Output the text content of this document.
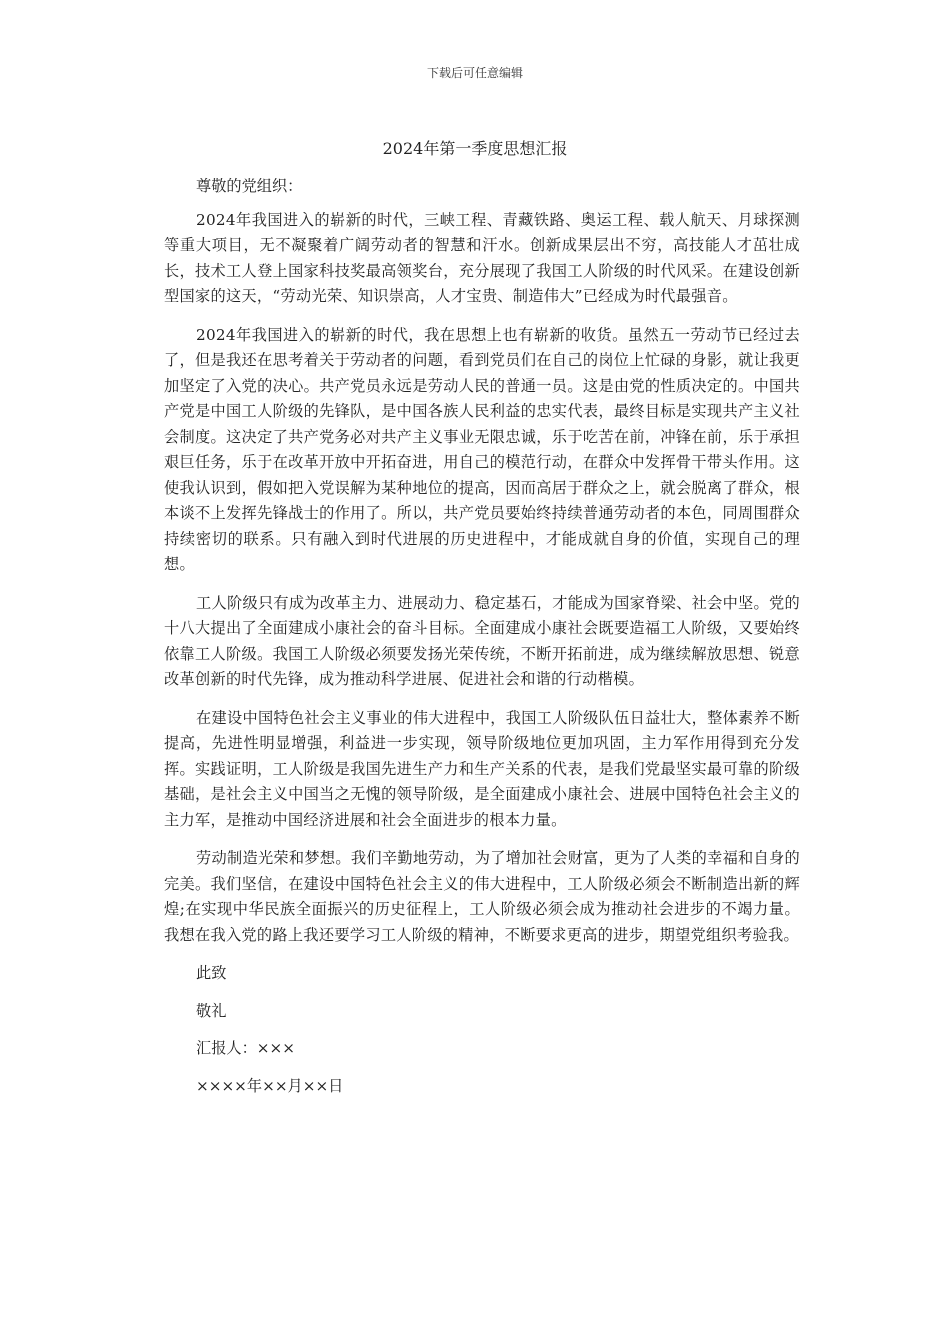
下载后可任意编辑
2024年第一季度思想汇报

尊敬的党组织：

2024年我国进入的崭新的时代，三峡工程、青藏铁路、奥运工程、载人航天、月球探测等重大项目，无不凝聚着广阔劳动者的智慧和汗水。创新成果层出不穷，高技能人才茁壮成长，技术工人登上国家科技奖最高领奖台，充分展现了我国工人阶级的时代风采。在建设创新型国家的这天，“劳动光荣、知识崇高，人才宝贵、制造伟大”已经成为时代最强音。

2024年我国进入的崭新的时代，我在思想上也有崭新的收货。虽然五一劳动节已经过去了，但是我还在思考着关于劳动者的问题，看到党员们在自己的岗位上忙碌的身影，就让我更加坚定了入党的决心。共产党员永远是劳动人民的普通一员。这是由党的性质决定的。中国共产党是中国工人阶级的先锋队，是中国各族人民利益的忠实代表，最终目标是实现共产主义社会制度。这决定了共产党务必对共产主义事业无限忠诚，乐于吃苦在前，冲锋在前，乐于承担艰巨任务，乐于在改革开放中开拓奋进，用自己的模范行动，在群众中发挥骨干带头作用。这使我认识到，假如把入党误解为某种地位的提高，因而高居于群众之上，就会脱离了群众，根本谈不上发挥先锋战士的作用了。所以，共产党员要始终持续普通劳动者的本色，同周围群众持续密切的联系。只有融入到时代进展的历史进程中，才能成就自身的价值，实现自己的理想。

工人阶级只有成为改革主力、进展动力、稳定基石，才能成为国家脊梁、社会中坚。党的十八大提出了全面建成小康社会的奋斗目标。全面建成小康社会既要造福工人阶级，又要始终依靠工人阶级。我国工人阶级必须要发扬光荣传统，不断开拓前进，成为继续解放思想、锐意改革创新的时代先锋，成为推动科学进展、促进社会和谐的行动楷模。

在建设中国特色社会主义事业的伟大进程中，我国工人阶级队伍日益壮大，整体素养不断提高，先进性明显增强，利益进一步实现，领导阶级地位更加巩固，主力军作用得到充分发挥。实践证明，工人阶级是我国先进生产力和生产关系的代表，是我们党最坚实最可靠的阶级基础，是社会主义中国当之无愧的领导阶级，是全面建成小康社会、进展中国特色社会主义的主力军，是推动中国经济进展和社会全面进步的根本力量。

劳动制造光荣和梦想。我们辛勤地劳动，为了增加社会财富，更为了人类的幸福和自身的完美。我们坚信，在建设中国特色社会主义的伟大进程中，工人阶级必须会不断制造出新的辉煌;在实现中华民族全面振兴的历史征程上，工人阶级必须会成为推动社会进步的不竭力量。我想在我入党的路上我还要学习工人阶级的精神，不断要求更高的进步，期望党组织考验我。

此致

敬礼

汇报人：×××

××××年××月××日
